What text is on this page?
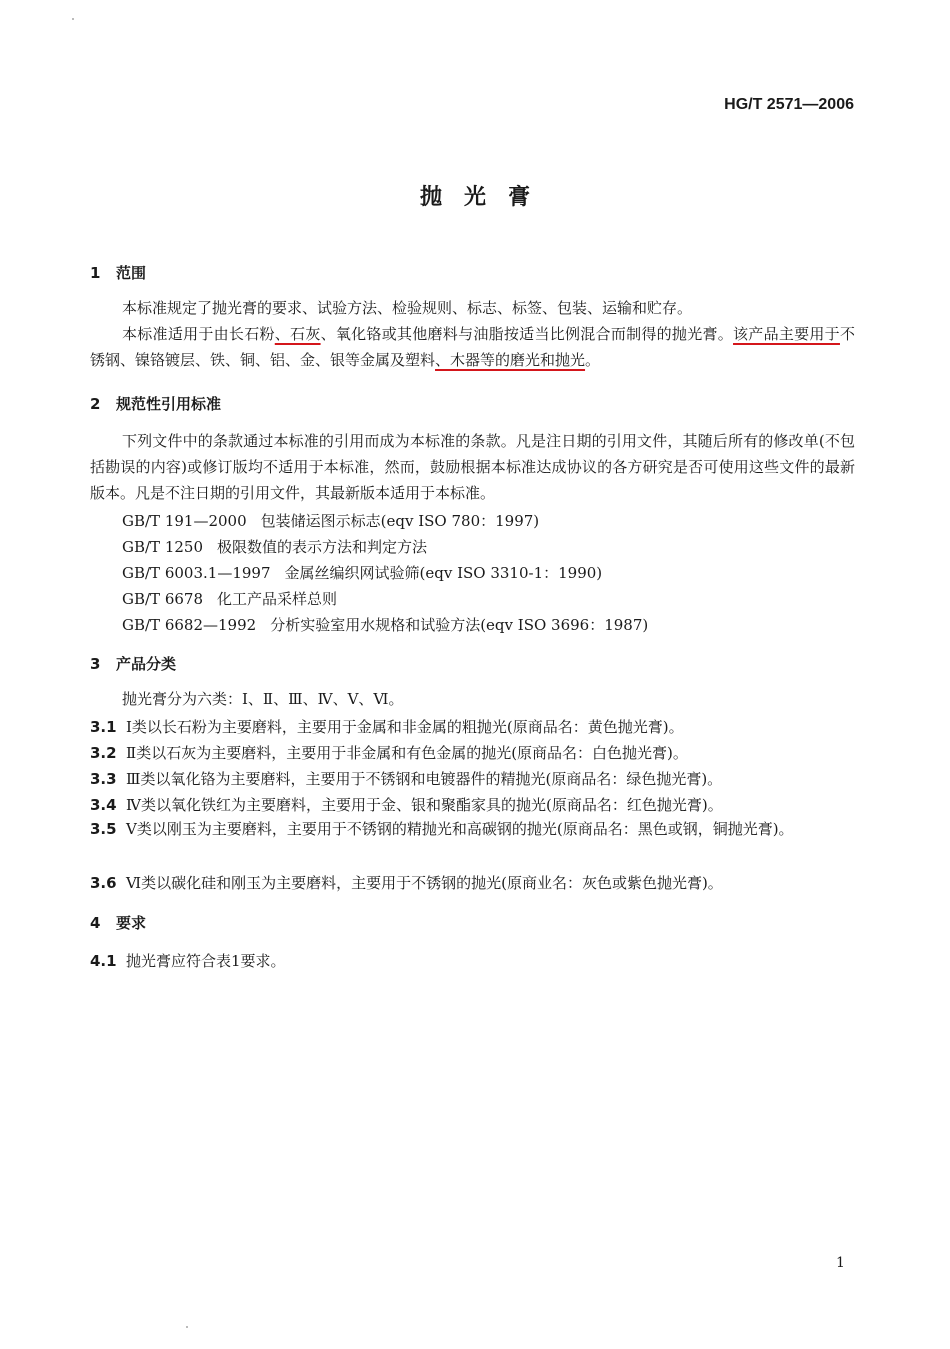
HG/T 2571—2006
抛光膏
1 范围
本标准规定了抛光膏的要求、试验方法、检验规则、标志、标签、包装、运输和贮存。
本标准适用于由长石粉、石灰、氧化铬或其他磨料与油脂按适当比例混合而制得的抛光膏。该产品主要用于不锈钢、镍铬镀层、铁、铜、铝、金、银等金属及塑料、木器等的磨光和抛光。
2 规范性引用标准
下列文件中的条款通过本标准的引用而成为本标准的条款。凡是注日期的引用文件，其随后所有的修改单(不包括勘误的内容)或修订版均不适用于本标准，然而，鼓励根据本标准达成协议的各方研究是否可使用这些文件的最新版本。凡是不注日期的引用文件，其最新版本适用于本标准。
GB/T 191—2000 包装储运图示标志(eqv ISO 780：1997)
GB/T 1250 极限数值的表示方法和判定方法
GB/T 6003.1—1997 金属丝编织网试验筛(eqv ISO 3310-1：1990)
GB/T 6678 化工产品采样总则
GB/T 6682—1992 分析实验室用水规格和试验方法(eqv ISO 3696：1987)
3 产品分类
抛光膏分为六类：Ⅰ、Ⅱ、Ⅲ、Ⅳ、Ⅴ、Ⅵ。
3.1 Ⅰ类以长石粉为主要磨料，主要用于金属和非金属的粗抛光(原商品名：黄色抛光膏)。
3.2 Ⅱ类以石灰为主要磨料，主要用于非金属和有色金属的抛光(原商品名：白色抛光膏)。
3.3 Ⅲ类以氧化铬为主要磨料，主要用于不锈钢和电镀器件的精抛光(原商品名：绿色抛光膏)。
3.4 Ⅳ类以氧化铁红为主要磨料，主要用于金、银和聚酯家具的抛光(原商品名：红色抛光膏)。
3.5 Ⅴ类以刚玉为主要磨料，主要用于不锈钢的精抛光和高碳钢的抛光(原商品名：黑色或钢，铜抛光膏)。
3.6 Ⅵ类以碳化硅和刚玉为主要磨料，主要用于不锈钢的抛光(原商业名：灰色或紫色抛光膏)。
4 要求
4.1 抛光膏应符合表1要求。
1
